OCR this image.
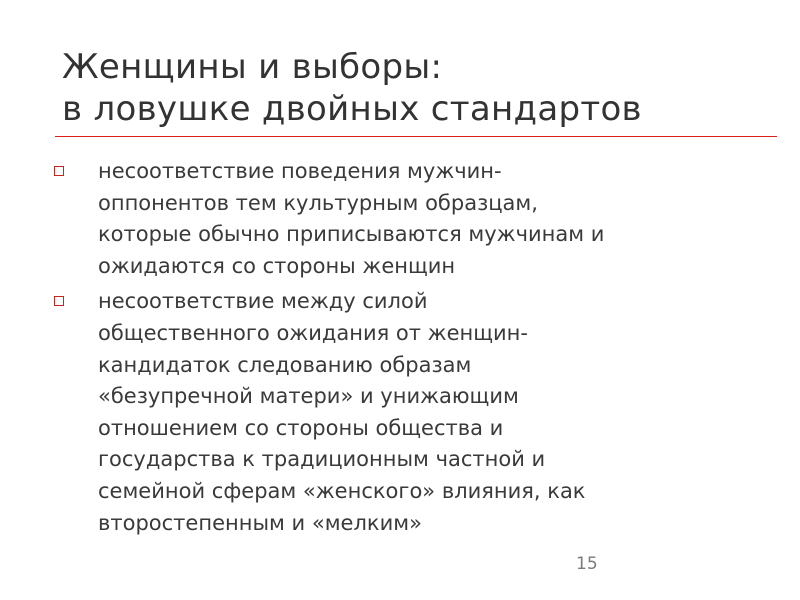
Женщины и выборы:
в ловушке двойных стандартов
несоответствие поведения мужчин-
оппонентов тем культурным образцам,
которые обычно приписываются мужчинам и
ожидаются со стороны женщин
несоответствие между силой
общественного ожидания от женщин-
кандидаток следованию образам
«безупречной матери» и унижающим
отношением со стороны общества и
государства к традиционным частной и
семейной сферам «женского» влияния, как
второстепенным и «мелким»
15
